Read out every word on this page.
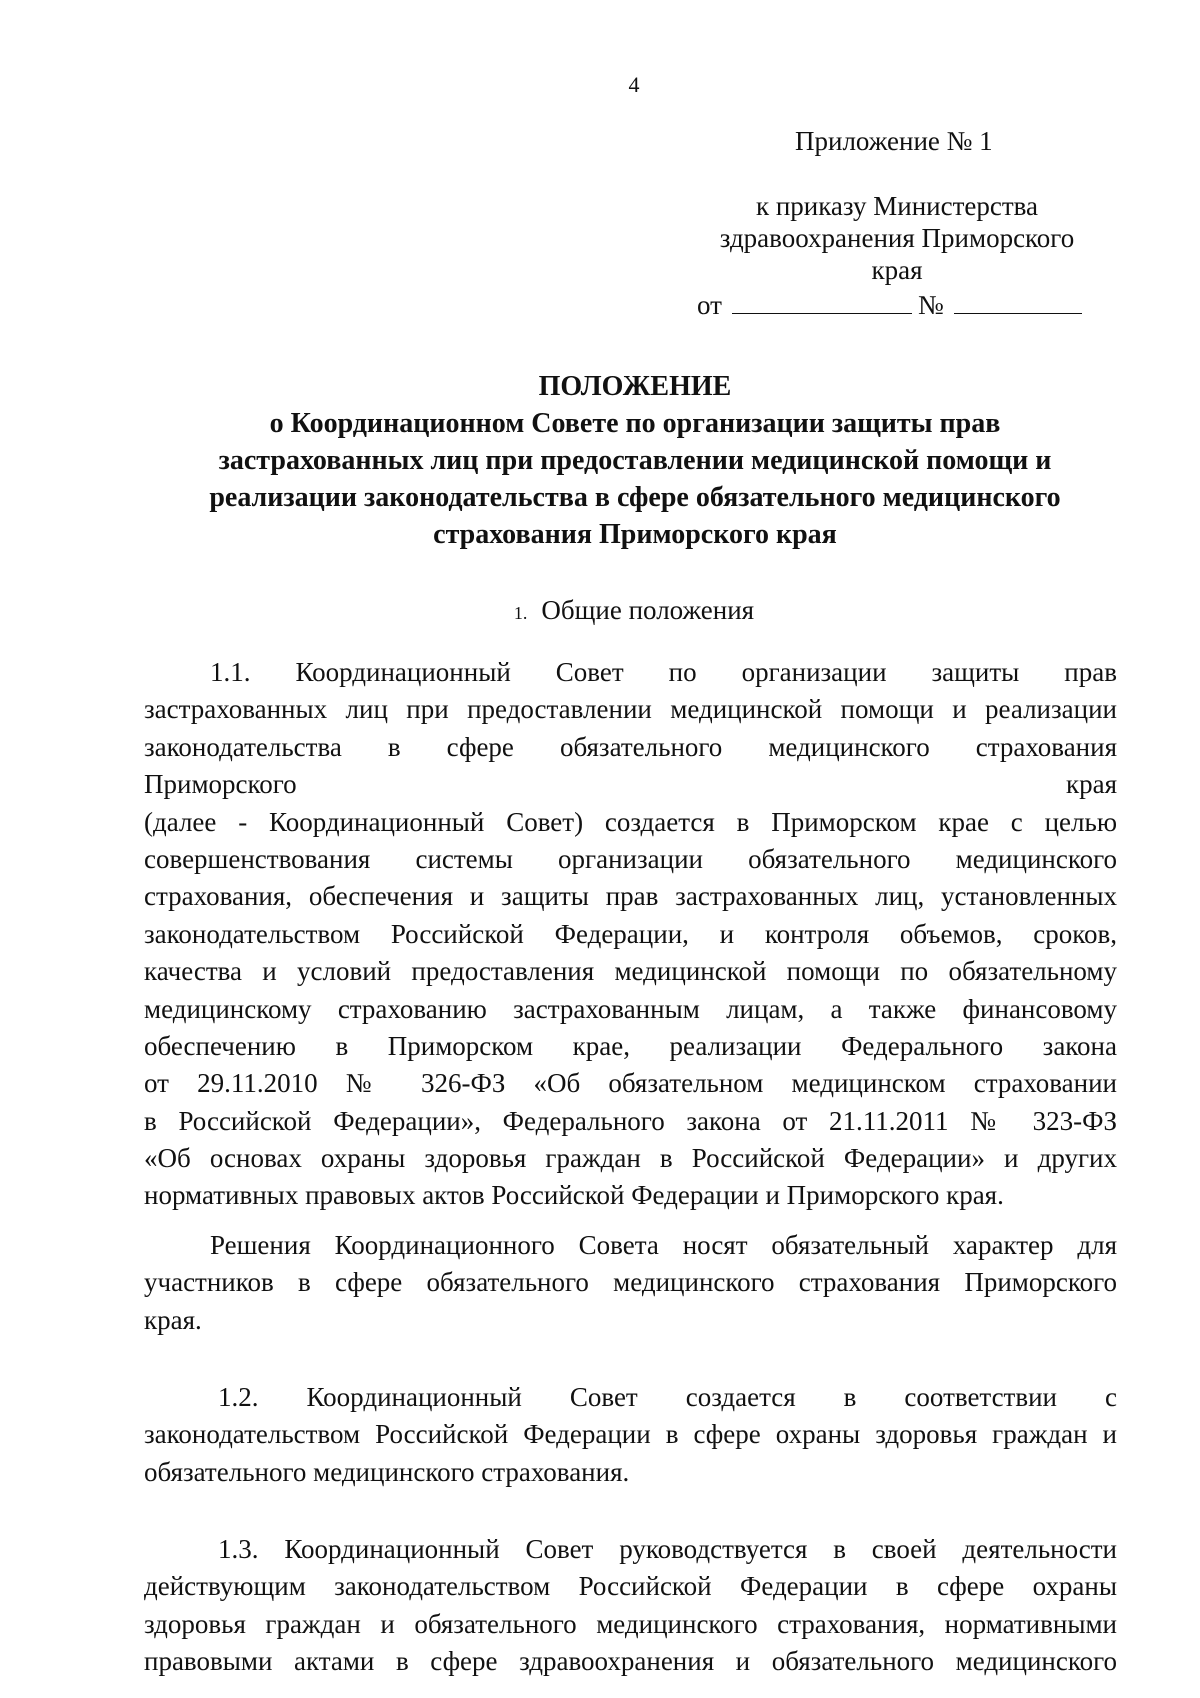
4
Приложение № 1
к приказу Министерства
здравоохранения Приморского
края
от	№
ПОЛОЖЕНИЕ
о Координационном Совете по организации защиты прав
застрахованных лиц при предоставлении медицинской помощи и
реализации законодательства в сфере обязательного медицинского
страхования Приморского края
1. Общие положения
1.1. Координационный Совет по организации защиты прав
застрахованных лиц при предоставлении медицинской помощи и реализации
законодательства в сфере обязательного медицинского страхования
Приморского края
(далее - Координационный Совет) создается в Приморском крае с целью
совершенствования системы организации обязательного медицинского
страхования, обеспечения и защиты прав застрахованных лиц, установленных
законодательством Российской Федерации, и контроля объемов, сроков,
качества и условий предоставления медицинской помощи по обязательному
медицинскому страхованию застрахованным лицам, а также финансовому
обеспечению в Приморском крае, реализации Федерального закона
от 29.11.2010 № 326-ФЗ «Об обязательном медицинском страховании
в Российской Федерации», Федерального закона от 21.11.2011 № 323-ФЗ
«Об основах охраны здоровья граждан в Российской Федерации» и других
нормативных правовых актов Российской Федерации и Приморского края.
Решения Координационного Совета носят обязательный характер для
участников в сфере обязательного медицинского страхования Приморского
края.
1.2. Координационный Совет создается в соответствии с
законодательством Российской Федерации в сфере охраны здоровья граждан и
обязательного медицинского страхования.
1.3. Координационный Совет руководствуется в своей деятельности
действующим законодательством Российской Федерации в сфере охраны
здоровья граждан и обязательного медицинского страхования, нормативными
правовыми актами в сфере здравоохранения и обязательного медицинского
